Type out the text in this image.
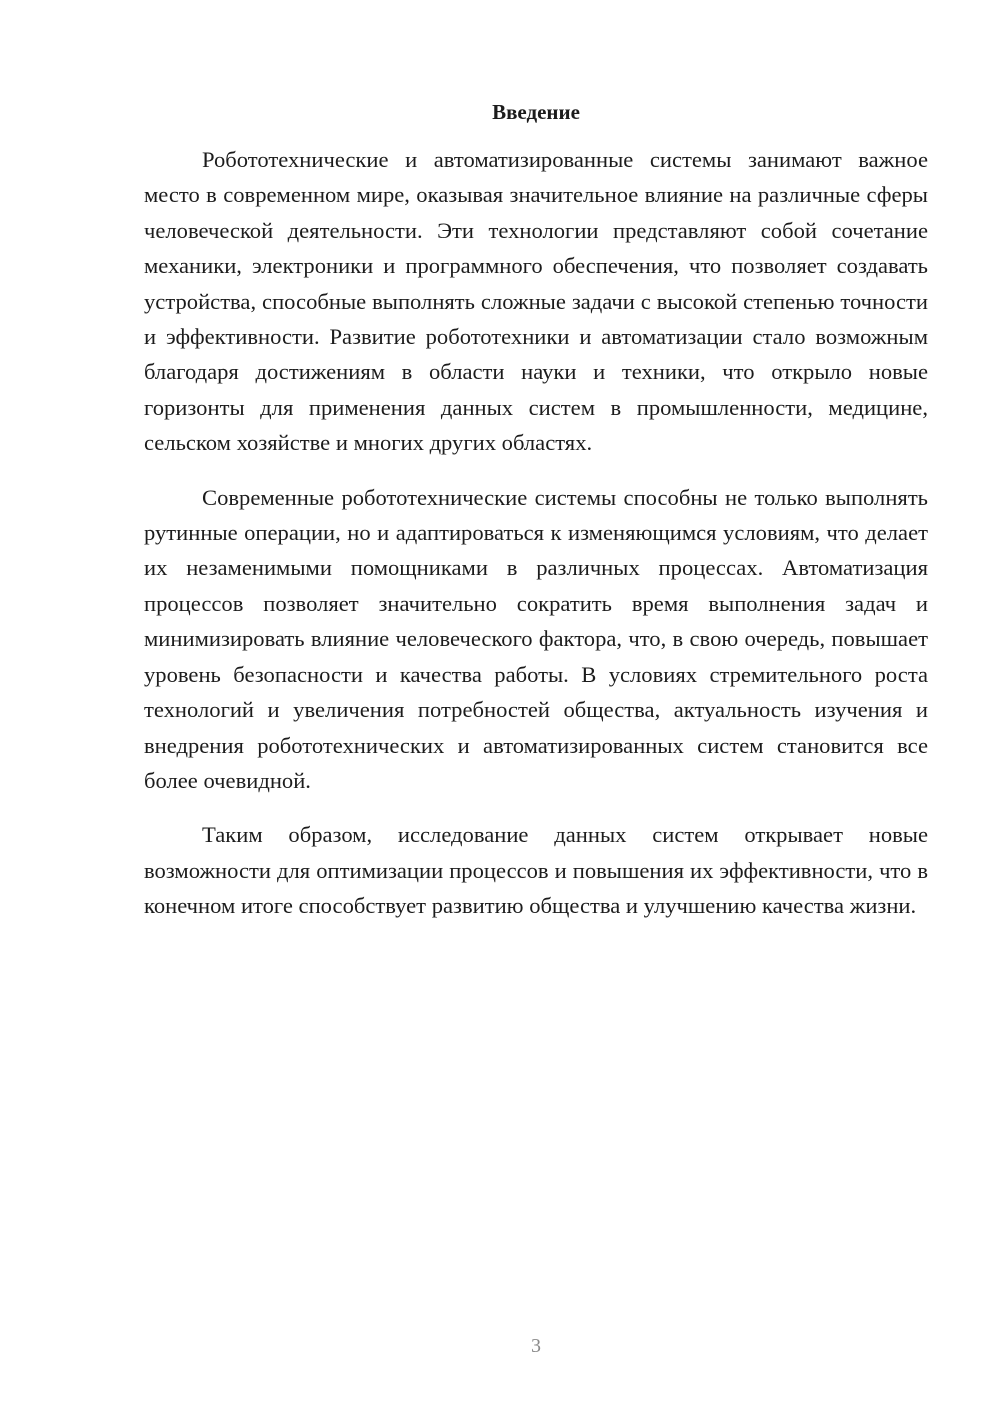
Введение

Робототехнические и автоматизированные системы занимают важное место в современном мире, оказывая значительное влияние на различные сферы человеческой деятельности. Эти технологии представляют собой сочетание механики, электроники и программного обеспечения, что позволяет создавать устройства, способные выполнять сложные задачи с высокой степенью точности и эффективности. Развитие робототехники и автоматизации стало возможным благодаря достижениям в области науки и техники, что открыло новые горизонты для применения данных систем в промышленности, медицине, сельском хозяйстве и многих других областях.

Современные робототехнические системы способны не только выполнять рутинные операции, но и адаптироваться к изменяющимся условиям, что делает их незаменимыми помощниками в различных процессах. Автоматизация процессов позволяет значительно сократить время выполнения задач и минимизировать влияние человеческого фактора, что, в свою очередь, повышает уровень безопасности и качества работы. В условиях стремительного роста технологий и увеличения потребностей общества, актуальность изучения и внедрения робототехнических и автоматизированных систем становится все более очевидной.

Таким образом, исследование данных систем открывает новые возможности для оптимизации процессов и повышения их эффективности, что в конечном итоге способствует развитию общества и улучшению качества жизни.

3
